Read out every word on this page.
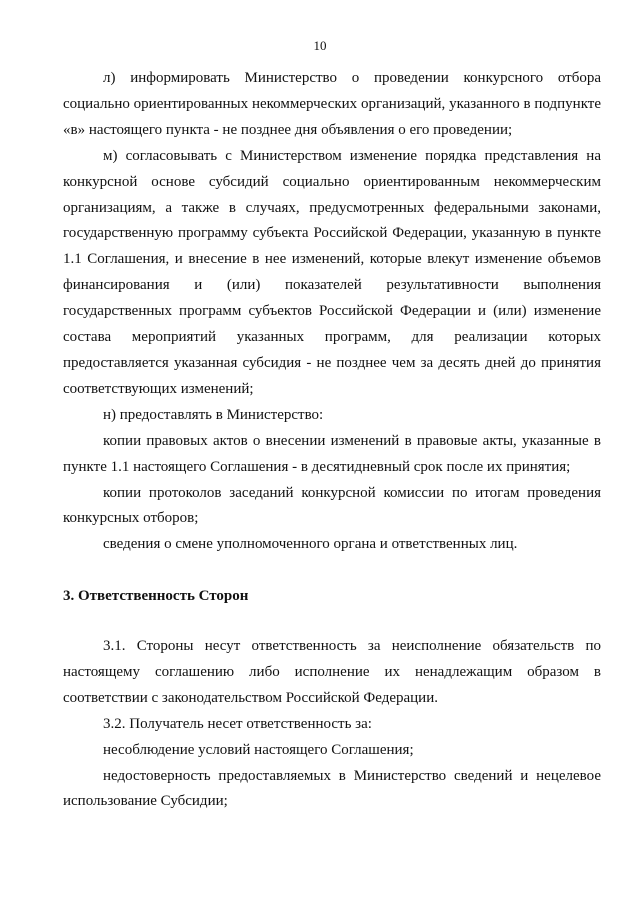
10

л) информировать Министерство о проведении конкурсного отбора социально ориентированных некоммерческих организаций, указанного в подпункте «в» настоящего пункта - не позднее дня объявления о его проведении;

м) согласовывать с Министерством изменение порядка представления на конкурсной основе субсидий социально ориентированным некоммерческим организациям, а также в случаях, предусмотренных федеральными законами, государственную программу субъекта Российской Федерации, указанную в пункте 1.1 Соглашения, и внесение в нее изменений, которые влекут изменение объемов финансирования и (или) показателей результативности выполнения государственных программ субъектов Российской Федерации и (или) изменение состава мероприятий указанных программ, для реализации которых предоставляется указанная субсидия - не позднее чем за десять дней до принятия соответствующих изменений;

н) предоставлять в Министерство:

копии правовых актов о внесении изменений в правовые акты, указанные в пункте 1.1 настоящего Соглашения - в десятидневный срок после их принятия;

копии протоколов заседаний конкурсной комиссии по итогам проведения конкурсных отборов;

сведения о смене уполномоченного органа и ответственных лиц.

3. Ответственность Сторон

3.1. Стороны несут ответственность за неисполнение обязательств по настоящему соглашению либо исполнение их ненадлежащим образом в соответствии с законодательством Российской Федерации.

3.2. Получатель несет ответственность за:

несоблюдение условий настоящего Соглашения;

недостоверность предоставляемых в Министерство сведений и нецелевое использование Субсидии;
